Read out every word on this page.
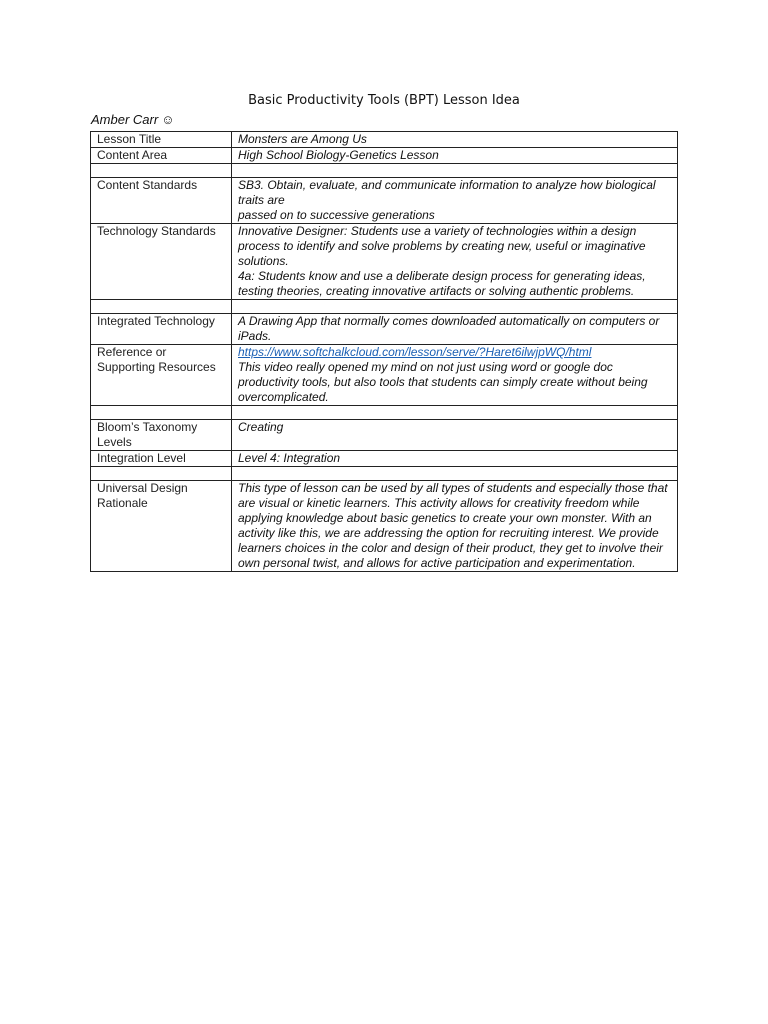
Basic Productivity Tools (BPT) Lesson Idea
Amber Carr ☺
Lesson Title	Monsters are Among Us
Content Area	High School Biology-Genetics Lesson

Content Standards	SB3. Obtain, evaluate, and communicate information to analyze how biological traits are
passed on to successive generations

Technology Standards	Innovative Designer: Students use a variety of technologies within a design process to identify and solve problems by creating new, useful or imaginative solutions.
4a: Students know and use a deliberate design process for generating ideas, testing theories, creating innovative artifacts or solving authentic problems.

Integrated Technology	A Drawing App that normally comes downloaded automatically on computers or iPads.
Reference or Supporting Resources	https://www.softchalkcloud.com/lesson/serve/?Haret6ilwjpWQ/html
This video really opened my mind on not just using word or google doc productivity tools, but also tools that students can simply create without being overcomplicated.

Bloom’s Taxonomy Levels	Creating
Integration Level	Level 4: Integration

Universal Design Rationale	This type of lesson can be used by all types of students and especially those that are visual or kinetic learners. This activity allows for creativity freedom while applying knowledge about basic genetics to create your own monster. With an activity like this, we are addressing the option for recruiting interest. We provide learners choices in the color and design of their product, they get to involve their own personal twist, and allows for active participation and experimentation.
